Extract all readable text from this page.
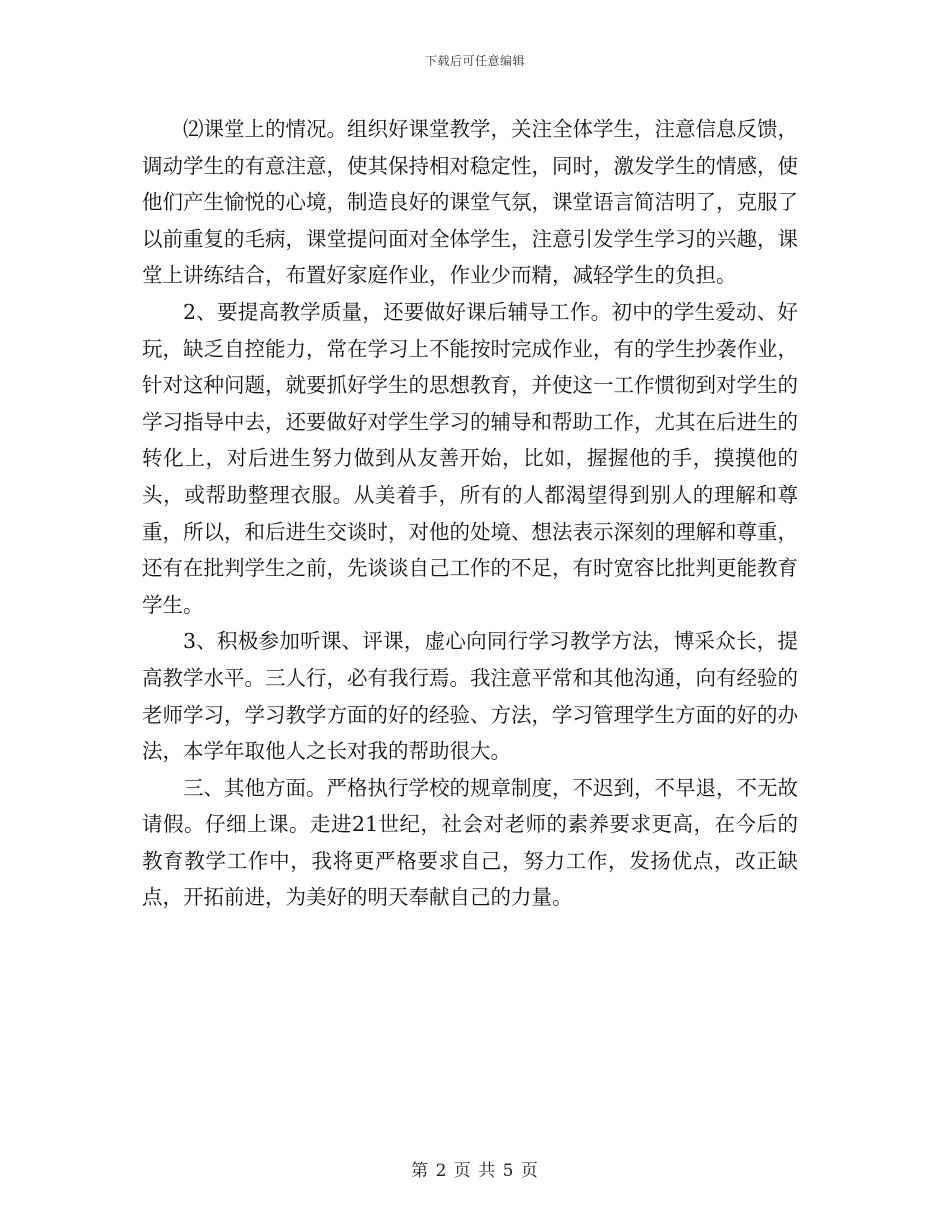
下载后可任意编辑

⑵课堂上的情况。组织好课堂教学，关注全体学生，注意信息反馈，调动学生的有意注意，使其保持相对稳定性，同时，激发学生的情感，使他们产生愉悦的心境，制造良好的课堂气氛，课堂语言简洁明了，克服了以前重复的毛病，课堂提问面对全体学生，注意引发学生学习的兴趣，课堂上讲练结合，布置好家庭作业，作业少而精，减轻学生的负担。

2、要提高教学质量，还要做好课后辅导工作。初中的学生爱动、好玩，缺乏自控能力，常在学习上不能按时完成作业，有的学生抄袭作业，针对这种问题，就要抓好学生的思想教育，并使这一工作惯彻到对学生的学习指导中去，还要做好对学生学习的辅导和帮助工作，尤其在后进生的转化上，对后进生努力做到从友善开始，比如，握握他的手，摸摸他的头，或帮助整理衣服。从美着手，所有的人都渴望得到别人的理解和尊重，所以，和后进生交谈时，对他的处境、想法表示深刻的理解和尊重，还有在批判学生之前，先谈谈自己工作的不足，有时宽容比批判更能教育学生。

3、积极参加听课、评课，虚心向同行学习教学方法，博采众长，提高教学水平。三人行，必有我行焉。我注意平常和其他沟通，向有经验的老师学习，学习教学方面的好的经验、方法，学习管理学生方面的好的办法，本学年取他人之长对我的帮助很大。

三、其他方面。严格执行学校的规章制度，不迟到，不早退，不无故请假。仔细上课。走进21世纪，社会对老师的素养要求更高，在今后的教育教学工作中，我将更严格要求自己，努力工作，发扬优点，改正缺点，开拓前进，为美好的明天奉献自己的力量。

第 2 页 共 5 页
